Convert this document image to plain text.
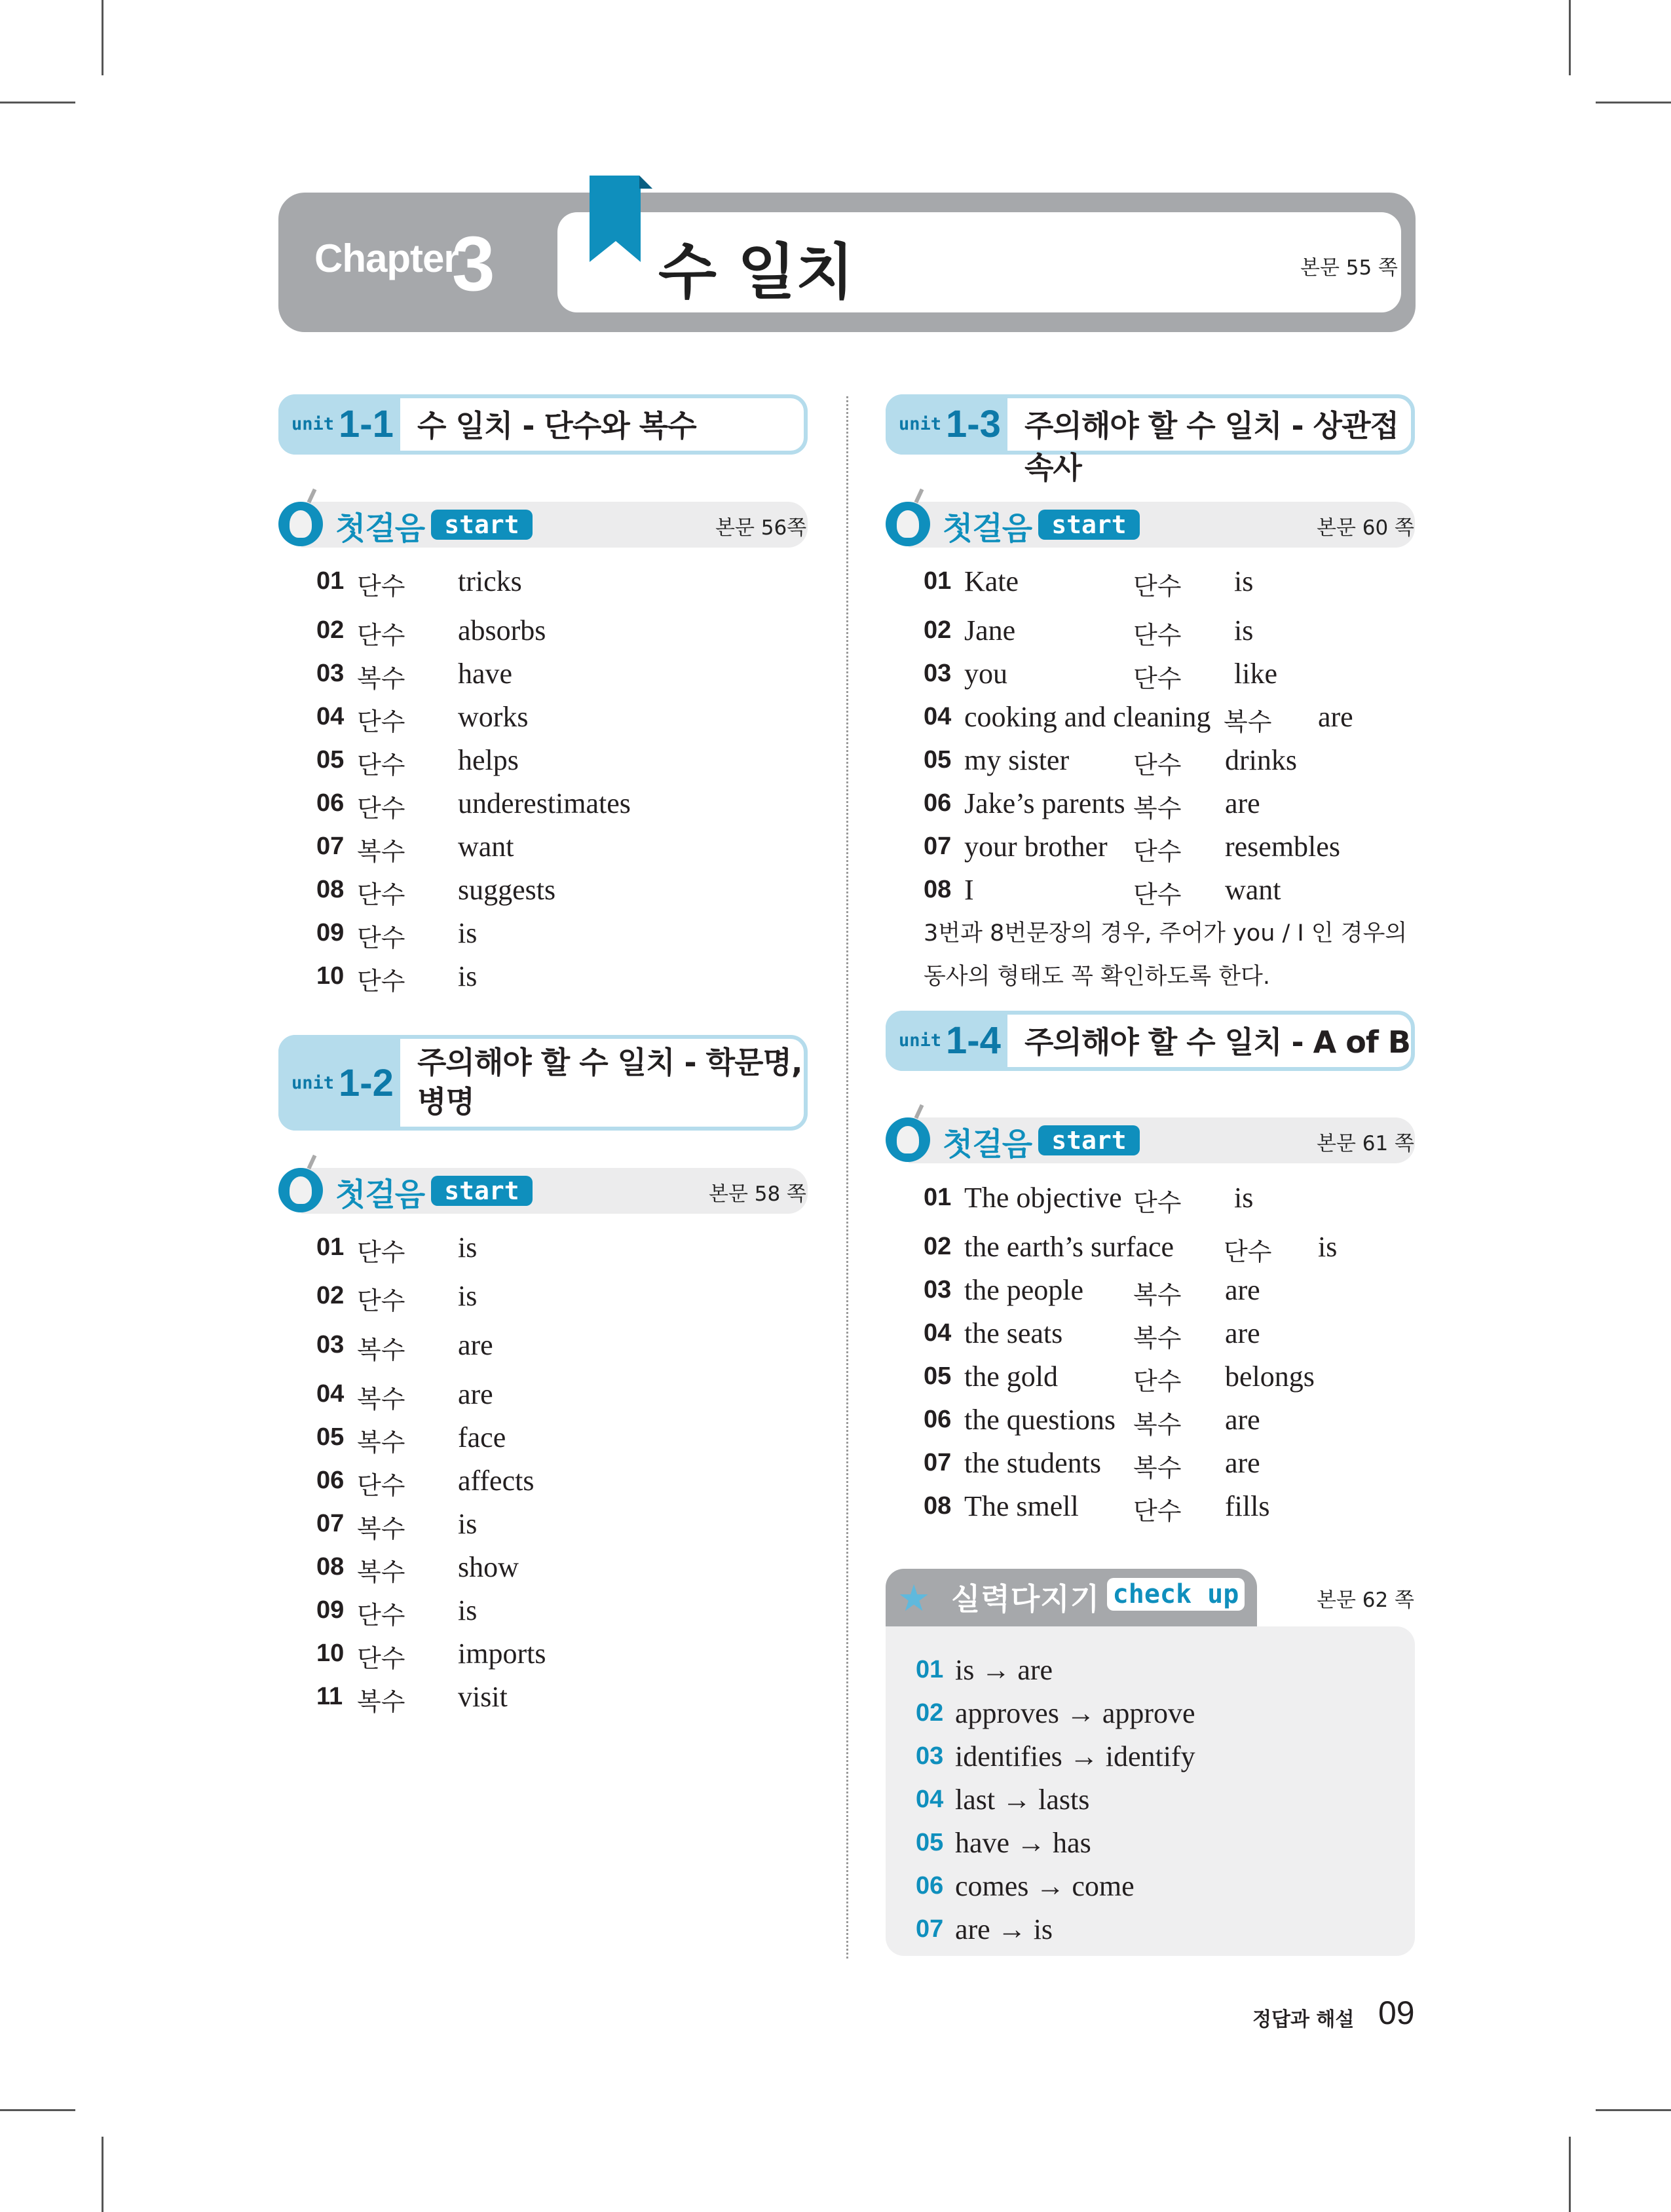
Chapter
3	수 일치	본문 55 쪽
unit 1-1 수 일치 - 단수와 복수
첫걸음 start	본문 56쪽
01 단수 tricks
02 단수 absorbs
03 복수 have
04 단수 works
05 단수 helps
06 단수 underestimates
07 복수 want
08 단수 suggests
09 단수 is
10 단수 is
unit 1-2 주의해야 할 수 일치 - 학문명,
병명
첫걸음 start	본문 58 쪽
01 단수 is
02 단수 is
03 복수 are
04 복수 are
05 복수 face
06 단수 affects
07 복수 is
08 복수 show
09 단수 is
10 단수 imports
11 복수 visit
unit 1-3 주의해야 할 수 일치 - 상관접속사
첫걸음 start	본문 60 쪽
01 Kate	단수 is
02 Jane	단수 is
03 you	단수 like
04 cooking and cleaning 복수 are
05 my sister	단수 drinks
06 Jake’s parents 복수 are
07 your brother 단수 resembles
08 I	단수 want
3번과 8번문장의 경우, 주어가 you / I 인 경우의
동사의 형태도 꼭 확인하도록 한다.
unit 1-4 주의해야 할 수 일치 - A of B
첫걸음 start	본문 61 쪽
01 The objective 단수 is
02 the earth’s surface 단수 is
03 the people 복수 are
04 the seats	복수 are
05 the gold	단수 belongs
06 the questions 복수 are
07 the students 복수 are
08 The smell 단수 fills
★ 실력다지기 check up	본문 62 쪽
01 is → are
02 approves → approve
03 identifies → identify
04 last → lasts
05 have → has
06 comes → come
07 are → is
정답과 해설 09
